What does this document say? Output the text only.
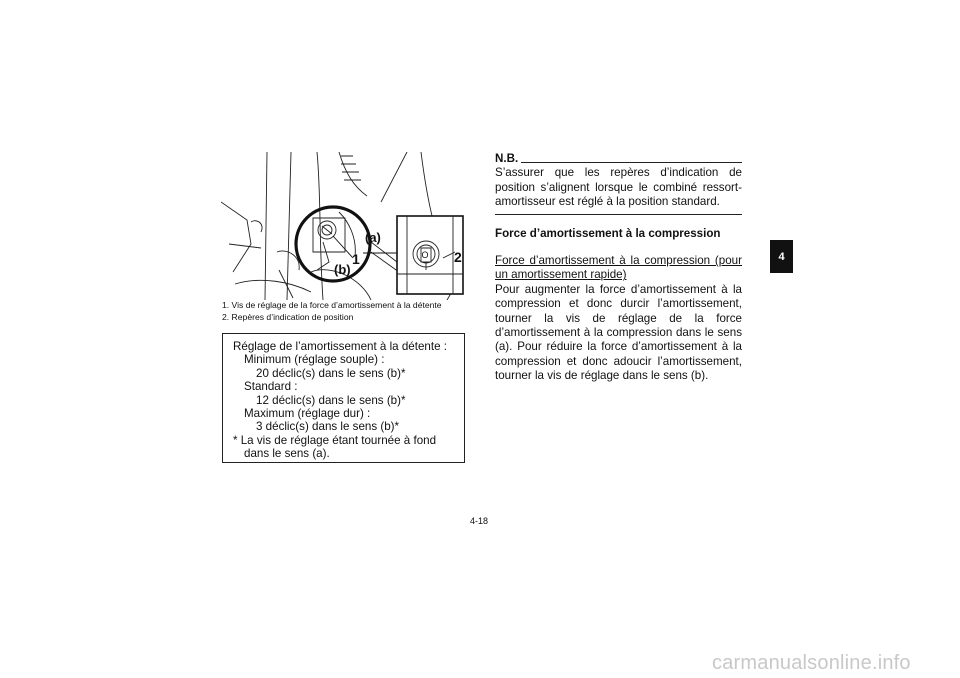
O
(a)
(b)
1	2
1. Vis de réglage de la force d’amortissement à la détente
2. Repères d’indication de position
Réglage de l’amortissement à la détente :
Minimum (réglage souple) :
20 déclic(s) dans le sens (b)*
Standard :
12 déclic(s) dans le sens (b)*
Maximum (réglage dur) :
3 déclic(s) dans le sens (b)*
* La vis de réglage étant tournée à fond dans le sens (a).
N.B.
S’assurer que les repères d’indication de position s’alignent lorsque le combiné ressort-amortisseur est réglé à la position standard.
Force d’amortissement à la compression
Force d’amortissement à la compression (pour un amortissement rapide)
Pour augmenter la force d’amortissement à la compression et donc durcir l’amortissement, tourner la vis de réglage de la force d’amortissement à la compression dans le sens (a). Pour réduire la force d’amortissement à la compression et donc adoucir l’amortissement, tourner la vis de réglage dans le sens (b).
4
4-18
carmanualsonline.info
